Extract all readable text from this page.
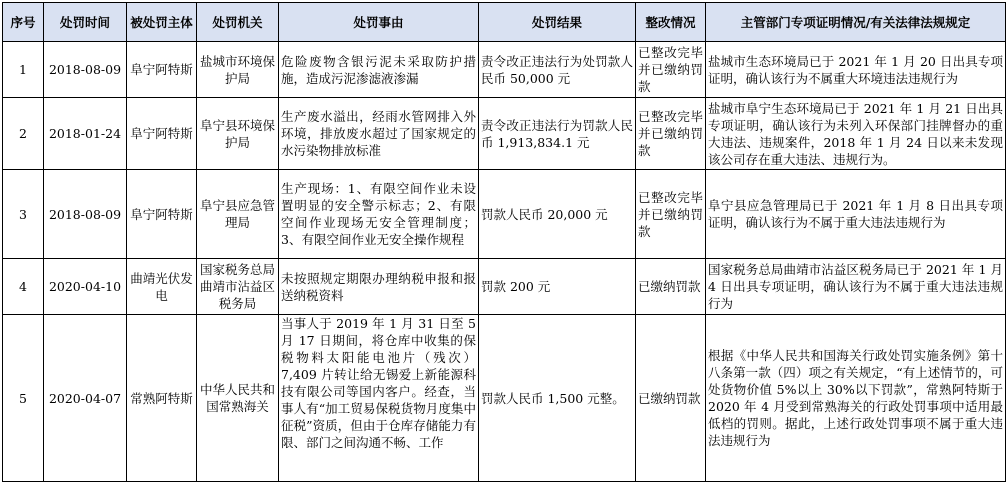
序号	处罚时间	被处罚主体	处罚机关	处罚事由	处罚结果	整改情况	主管部门专项证明情况/有关法律法规规定
1	2018-08-09	阜宁阿特斯	盐城市环境保护局	危险废物含银污泥未采取防护措施，造成污泥渗滤液渗漏	责令改正违法行为处罚款人民币 50,000 元	已整改完毕并已缴纳罚款	盐城市生态环境局已于 2021 年 1 月 20 日出具专项证明，确认该行为不属重大环境违法违规行为
2	2018-01-24	阜宁阿特斯	阜宁县环境保护局	生产废水溢出，经雨水管网排入外环境，排放废水超过了国家规定的水污染物排放标准	责令改正违法行为罚款人民币 1,913,834.1 元	已整改完毕并已缴纳罚款	盐城市阜宁生态环境局已于 2021 年 1 月 21 日出具专项证明，确认该行为未列入环保部门挂牌督办的重大违法、违规案件，2018 年 1 月 24 日以来未发现该公司存在重大违法、违规行为。
3	2018-08-09	阜宁阿特斯	阜宁县应急管理局	生产现场：1、有限空间作业未设置明显的安全警示标志；2、有限空间作业现场无安全管理制度；3、有限空间作业无安全操作规程	罚款人民币 20,000 元	已整改完毕并已缴纳罚款	阜宁县应急管理局已于 2021 年 1 月 8 日出具专项证明，确认该行为不属于重大违法违规行为
4	2020-04-10	曲靖光伏发电	国家税务总局曲靖市沾益区税务局	未按照规定期限办理纳税申报和报送纳税资料	罚款 200 元	已缴纳罚款	国家税务总局曲靖市沾益区税务局已于 2021 年 1 月 4 日出具专项证明，确认该行为不属于重大违法违规行为
5	2020-04-07	常熟阿特斯	中华人民共和国常熟海关	当事人于 2019 年 1 月 31 日至 5 月 17 日期间，将仓库中收集的保税物料太阳能电池片（残次）7,409 片转让给无锡爱上新能源科技有限公司等国内客户。经查，当事人有“加工贸易保税货物月度集中征税”资质，但由于仓库存储能力有限、部门之间沟通不畅、工作	罚款人民币 1,500 元整。	已缴纳罚款	根据《中华人民共和国海关行政处罚实施条例》第十八条第一款（四）项之有关规定，“有上述情节的，可处货物价值 5%以上 30%以下罚款”，常熟阿特斯于 2020 年 4 月受到常熟海关的行政处罚事项中适用最低档的罚则。据此，上述行政处罚事项不属于重大违法违规行为
